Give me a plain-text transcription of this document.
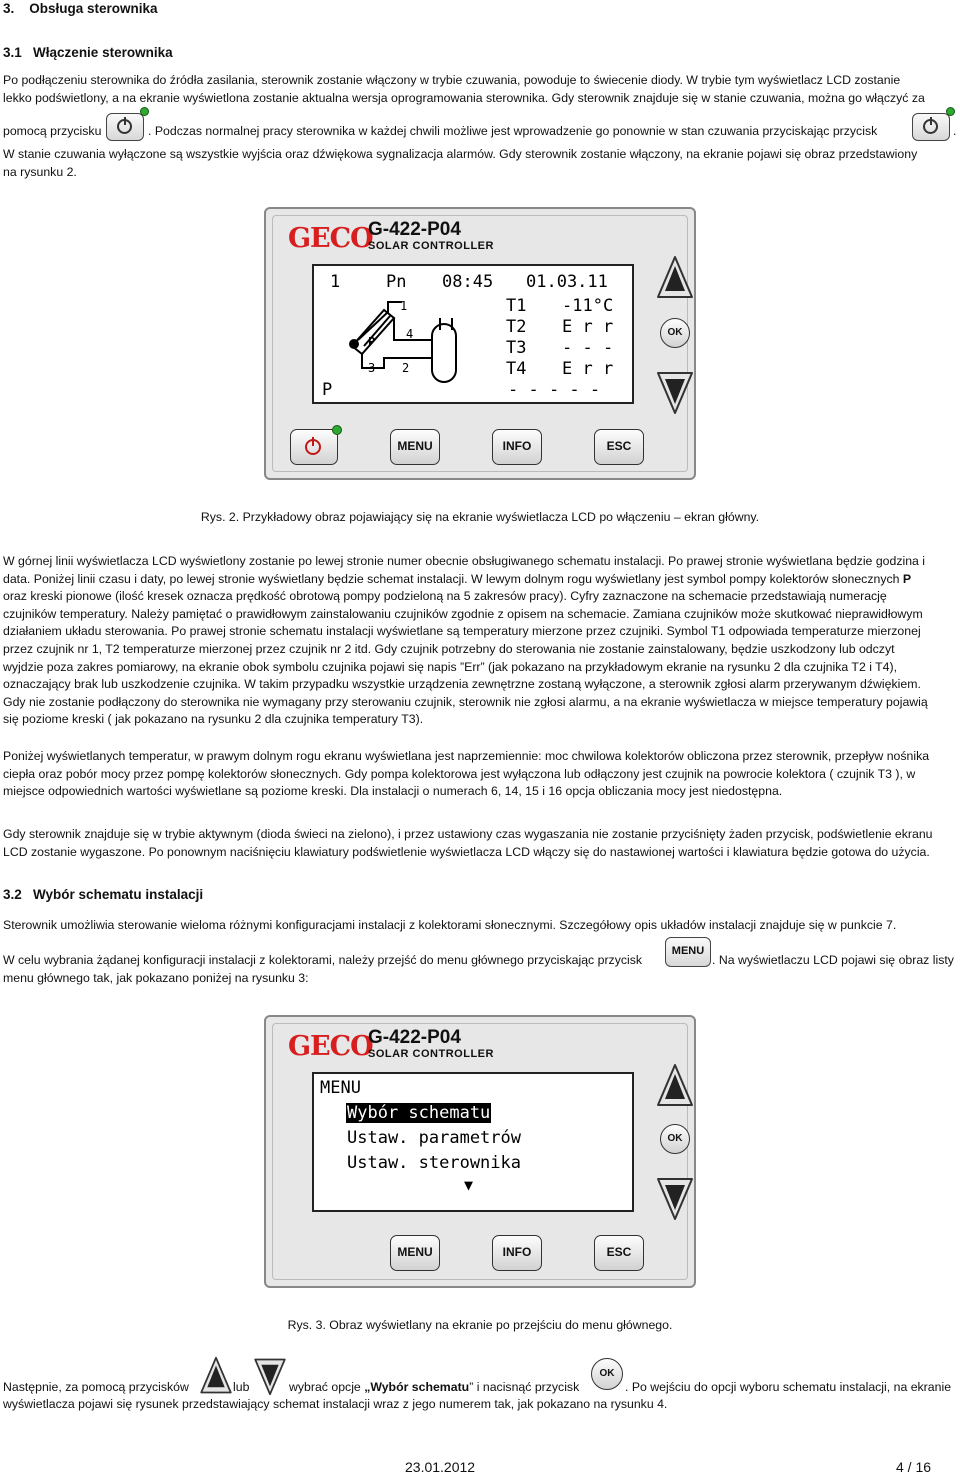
3. Obsługa sterownika
3.1 Włączenie sterownika
Po podłączeniu sterownika do źródła zasilania, sterownik zostanie włączony w trybie czuwania, powoduje to świecenie diody. W trybie tym wyświetlacz LCD zostanie
lekko podświetlony, a na ekranie wyświetlona zostanie aktualna wersja oprogramowania sterownika. Gdy sterownik znajduje się w stanie czuwania, można go włączyć za
pomocą przycisku	. Podczas normalnej pracy sterownika w każdej chwili możliwe jest wprowadzenie go ponownie w stan czuwania przyciskając przycisk	.
W stanie czuwania wyłączone są wszystkie wyjścia oraz dźwiękowa sygnalizacja alarmów. Gdy sterownik zostanie włączony, na ekranie pojawi się obraz przedstawiony
na rysunku 2.
GECO
G-422-P04
SOLAR CONTROLLER
1	Pn 08:45 01.03.11
T1 -11°C
T2 E r r
T3 - - -
T4 E r r
- - - - -
P
1
P
4
3 2
OK
MENU	INFO	ESC
Rys. 2. Przykładowy obraz pojawiający się na ekranie wyświetlacza LCD po włączeniu – ekran główny.
W górnej linii wyświetlacza LCD wyświetlony zostanie po lewej stronie numer obecnie obsługiwanego schematu instalacji. Po prawej stronie wyświetlana będzie godzina i
data. Poniżej linii czasu i daty, po lewej stronie wyświetlany będzie schemat instalacji. W lewym dolnym rogu wyświetlany jest symbol pompy kolektorów słonecznych P
oraz kreski pionowe (ilość kresek oznacza prędkość obrotową pompy podzieloną na 5 zakresów pracy). Cyfry zaznaczone na schemacie przedstawiają numerację
czujników temperatury. Należy pamiętać o prawidłowym zainstalowaniu czujników zgodnie z opisem na schemacie. Zamiana czujników może skutkować nieprawidłowym
działaniem układu sterowania. Po prawej stronie schematu instalacji wyświetlane są temperatury mierzone przez czujniki. Symbol T1 odpowiada temperaturze mierzonej
przez czujnik nr 1, T2 temperaturze mierzonej przez czujnik nr 2 itd. Gdy czujnik potrzebny do sterowania nie zostanie zainstalowany, będzie uszkodzony lub odczyt
wyjdzie poza zakres pomiarowy, na ekranie obok symbolu czujnika pojawi się napis ”Err” (jak pokazano na przykładowym ekranie na rysunku 2 dla czujnika T2 i T4),
oznaczający brak lub uszkodzenie czujnika. W takim przypadku wszystkie urządzenia zewnętrzne zostaną wyłączone, a sterownik zgłosi alarm przerywanym dźwiękiem.
Gdy nie zostanie podłączony do sterownika nie wymagany przy sterowaniu czujnik, sterownik nie zgłosi alarmu, a na ekranie wyświetlacza w miejsce temperatury pojawią
się poziome kreski ( jak pokazano na rysunku 2 dla czujnika temperatury T3).
Poniżej wyświetlanych temperatur, w prawym dolnym rogu ekranu wyświetlana jest naprzemiennie: moc chwilowa kolektorów obliczona przez sterownik, przepływ nośnika
ciepła oraz pobór mocy przez pompę kolektorów słonecznych. Gdy pompa kolektorowa jest wyłączona lub odłączony jest czujnik na powrocie kolektora ( czujnik T3 ), w
miejsce odpowiednich wartości wyświetlane są poziome kreski. Dla instalacji o numerach 6, 14, 15 i 16 opcja obliczania mocy jest niedostępna.
Gdy sterownik znajduje się w trybie aktywnym (dioda świeci na zielono), i przez ustawiony czas wygaszania nie zostanie przyciśnięty żaden przycisk, podświetlenie ekranu
LCD zostanie wygaszone. Po ponownym naciśnięciu klawiatury podświetlenie wyświetlacza LCD włączy się do nastawionej wartości i klawiatura będzie gotowa do użycia.
3.2 Wybór schematu instalacji
Sterownik umożliwia sterowanie wieloma różnymi konfiguracjami instalacji z kolektorami słonecznymi. Szczegółowy opis układów instalacji znajduje się w punkcie 7.
W celu wybrania żądanej konfiguracji instalacji z kolektorami, należy przejść do menu głównego przyciskając przycisk
MENU
. Na wyświetlaczu LCD pojawi się obraz listy
menu głównego tak, jak pokazano poniżej na rysunku 3:
GECO
G-422-P04
SOLAR CONTROLLER
MENU
Wybór schematu
Ustaw. parametrów
Ustaw. sterownika
▼
OK
MENU	INFO	ESC
Rys. 3. Obraz wyświetlany na ekranie po przejściu do menu głównego.
Następnie, za pomocą przycisków	lub	wybrać opcje „Wybór schematu” i nacisnąć przycisk
OK
. Po wejściu do opcji wyboru schematu instalacji, na ekranie
wyświetlacza pojawi się rysunek przedstawiający schemat instalacji wraz z jego numerem tak, jak pokazano na rysunku 4.
23.01.2012	4 / 16
